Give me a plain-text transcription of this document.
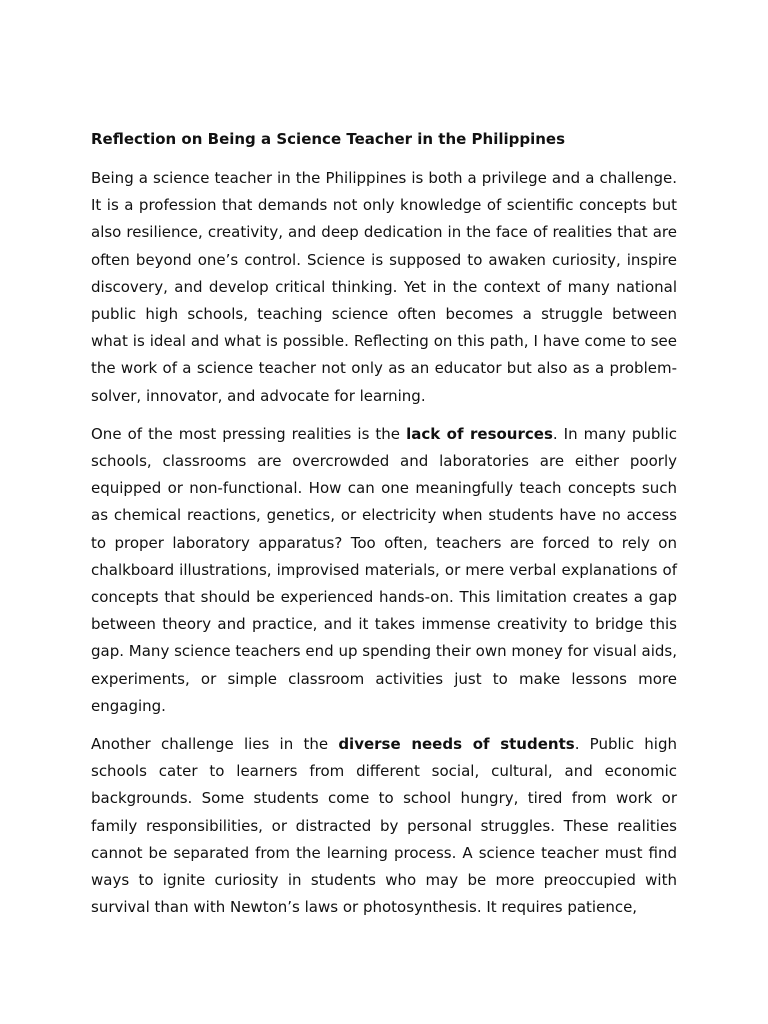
Reflection on Being a Science Teacher in the Philippines

Being a science teacher in the Philippines is both a privilege and a challenge. It is a profession that demands not only knowledge of scientific concepts but also resilience, creativity, and deep dedication in the face of realities that are often beyond one’s control. Science is supposed to awaken curiosity, inspire discovery, and develop critical thinking. Yet in the context of many national public high schools, teaching science often becomes a struggle between what is ideal and what is possible. Reflecting on this path, I have come to see the work of a science teacher not only as an educator but also as a problem-solver, innovator, and advocate for learning.

One of the most pressing realities is the lack of resources. In many public schools, classrooms are overcrowded and laboratories are either poorly equipped or non-functional. How can one meaningfully teach concepts such as chemical reactions, genetics, or electricity when students have no access to proper laboratory apparatus? Too often, teachers are forced to rely on chalkboard illustrations, improvised materials, or mere verbal explanations of concepts that should be experienced hands-on. This limitation creates a gap between theory and practice, and it takes immense creativity to bridge this gap. Many science teachers end up spending their own money for visual aids, experiments, or simple classroom activities just to make lessons more engaging.

Another challenge lies in the diverse needs of students. Public high schools cater to learners from different social, cultural, and economic backgrounds. Some students come to school hungry, tired from work or family responsibilities, or distracted by personal struggles. These realities cannot be separated from the learning process. A science teacher must find ways to ignite curiosity in students who may be more preoccupied with survival than with Newton’s laws or photosynthesis. It requires patience,
